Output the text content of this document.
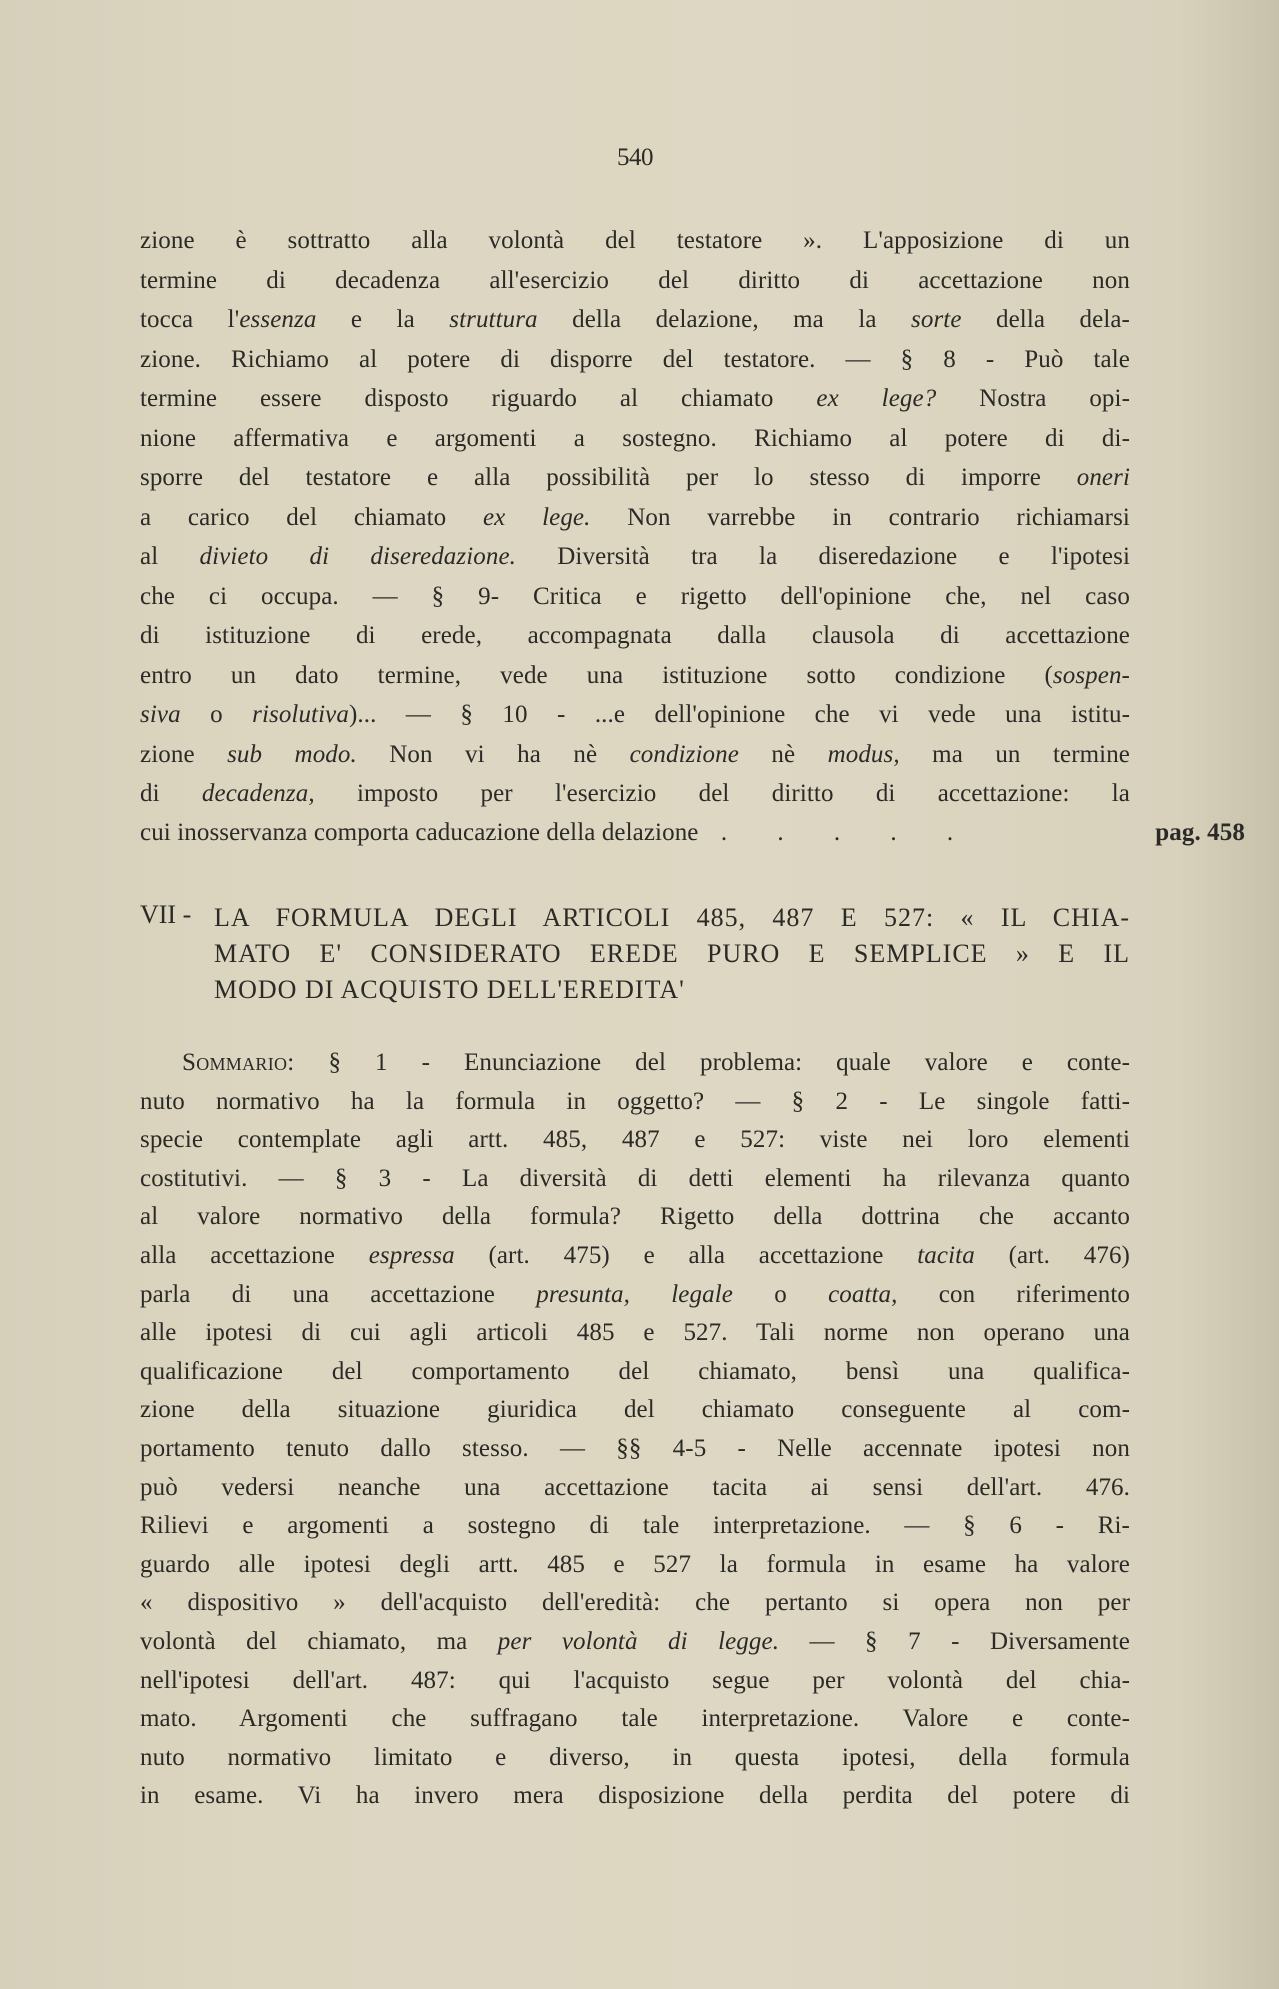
540
zione è sottratto alla volontà del testatore ». L'apposizione di un
termine di decadenza all'esercizio del diritto di accettazione non
tocca l'essenza e la struttura della delazione, ma la sorte della dela-
zione. Richiamo al potere di disporre del testatore. — § 8 - Può tale
termine essere disposto riguardo al chiamato ex lege? Nostra opi-
nione affermativa e argomenti a sostegno. Richiamo al potere di di-
sporre del testatore e alla possibilità per lo stesso di imporre oneri
a carico del chiamato ex lege. Non varrebbe in contrario richiamarsi
al divieto di diseredazione. Diversità tra la diseredazione e l'ipotesi
che ci occupa. — § 9- Critica e rigetto dell'opinione che, nel caso
di istituzione di erede, accompagnata dalla clausola di accettazione
entro un dato termine, vede una istituzione sotto condizione (sospen-
siva o risolutiva)... — § 10 - ...e dell'opinione che vi vede una istitu-
zione sub modo. Non vi ha nè condizione nè modus, ma un termine
di decadenza, imposto per l'esercizio del diritto di accettazione: la
cui inosservanza comporta caducazione della delazione . . . . .	pag. 458
VII - LA FORMULA DEGLI ARTICOLI 485, 487 E 527: « IL CHIA-
MATO E' CONSIDERATO EREDE PURO E SEMPLICE » E IL
MODO DI ACQUISTO DELL'EREDITA'
Sommario: § 1 - Enunciazione del problema: quale valore e conte-
nuto normativo ha la formula in oggetto? — § 2 - Le singole fatti-
specie contemplate agli artt. 485, 487 e 527: viste nei loro elementi
costitutivi. — § 3 - La diversità di detti elementi ha rilevanza quanto
al valore normativo della formula? Rigetto della dottrina che accanto
alla accettazione espressa (art. 475) e alla accettazione tacita (art. 476)
parla di una accettazione presunta, legale o coatta, con riferimento
alle ipotesi di cui agli articoli 485 e 527. Tali norme non operano una
qualificazione del comportamento del chiamato, bensì una qualifica-
zione della situazione giuridica del chiamato conseguente al com-
portamento tenuto dallo stesso. — §§ 4-5 - Nelle accennate ipotesi non
può vedersi neanche una accettazione tacita ai sensi dell'art. 476.
Rilievi e argomenti a sostegno di tale interpretazione. — § 6 - Ri-
guardo alle ipotesi degli artt. 485 e 527 la formula in esame ha valore
« dispositivo » dell'acquisto dell'eredità: che pertanto si opera non per
volontà del chiamato, ma per volontà di legge. — § 7 - Diversamente
nell'ipotesi dell'art. 487: qui l'acquisto segue per volontà del chia-
mato. Argomenti che suffragano tale interpretazione. Valore e conte-
nuto normativo limitato e diverso, in questa ipotesi, della formula
in esame. Vi ha invero mera disposizione della perdita del potere di
